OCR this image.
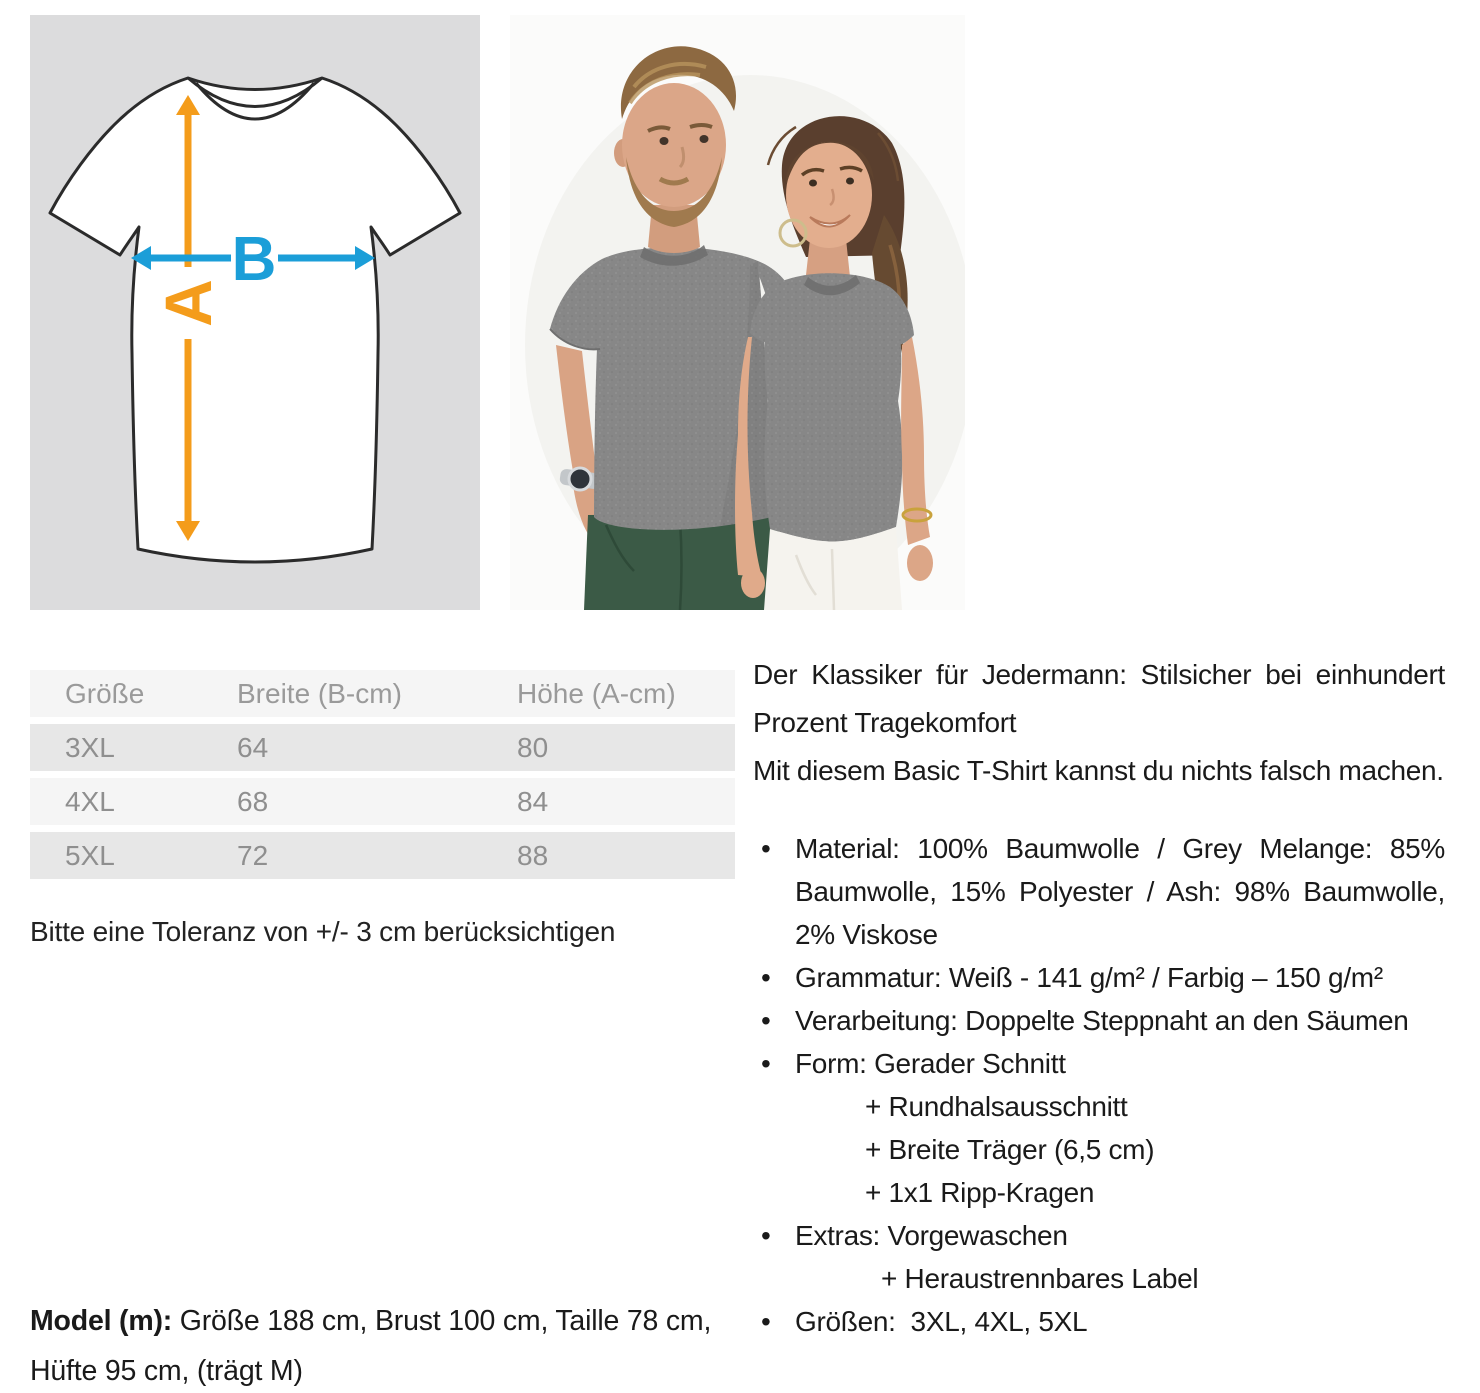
A
B
Größe	Breite (B-cm)	Höhe (A-cm)
3XL	64	80
4XL	68	84
5XL	72	88
Bitte eine Toleranz von +/- 3 cm berücksichtigen
Model (m): Größe 188 cm, Brust 100 cm, Taille 78 cm, Hüfte 95 cm, (trägt M)

Der Klassiker für Jedermann: Stilsicher bei einhundert Prozent Tragekomfort

Mit diesem Basic T-Shirt kannst du nichts falsch machen.

• Material: 100% Baumwolle / Grey Melange: 85% Baumwolle, 15% Polyester / Ash: 98% Baumwolle, 2% Viskose
• Grammatur: Weiß - 141 g/m² / Farbig – 150 g/m²
• Verarbeitung: Doppelte Steppnaht an den Säumen
• Form: Gerader Schnitt
+ Rundhalsausschnitt
+ Breite Träger (6,5 cm)
+ 1x1 Ripp-Kragen
• Extras: Vorgewaschen
+ Heraustrennbares Label
• Größen:  3XL, 4XL, 5XL
